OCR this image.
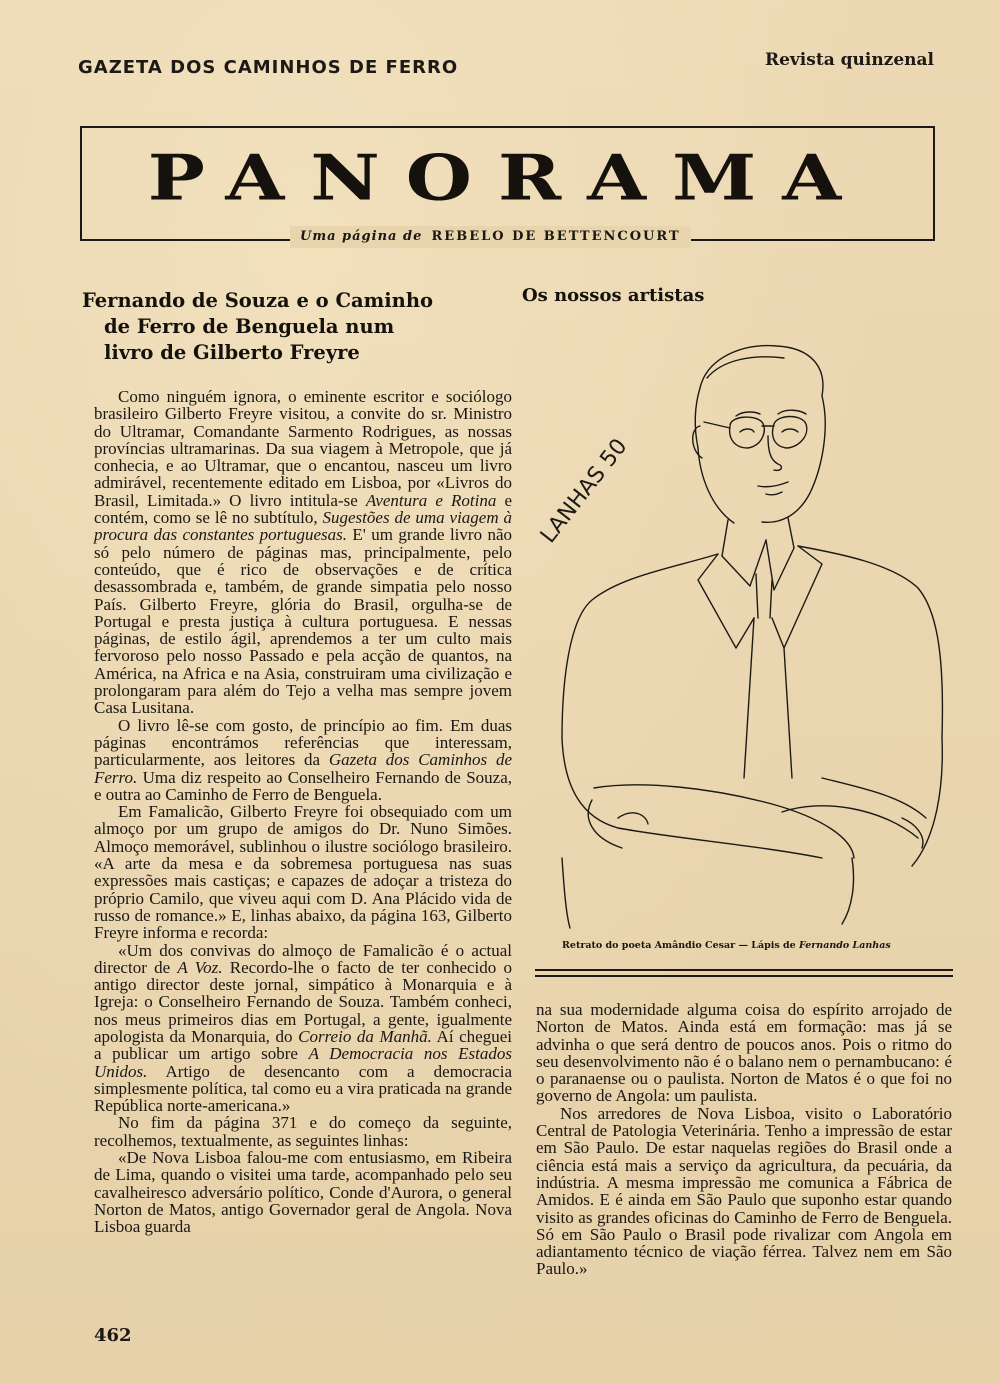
GAZETA DOS CAMINHOS DE FERRO	Revista quinzenal
PANORAMA
Uma página de REBELO DE BETTENCOURT
Fernando de Souza e o Caminho
de Ferro de Benguela num
livro de Gilberto Freyre

Como ninguém ignora, o eminente escritor e sociólogo brasileiro Gilberto Freyre visitou, a convite do sr. Ministro do Ultramar, Comandante Sarmento Rodrigues, as nossas províncias ultramarinas. Da sua viagem à Metropole, que já conhecia, e ao Ultramar, que o encantou, nasceu um livro admirável, recentemente editado em Lisboa, por «Livros do Brasil, Limitada.» O livro intitula-se Aventura e Rotina e contém, como se lê no subtítulo, Sugestões de uma viagem à procura das constantes portuguesas. E' um grande livro não só pelo número de páginas mas, principalmente, pelo conteúdo, que é rico de observações e de crítica desassombrada e, também, de grande simpatia pelo nosso País. Gilberto Freyre, glória do Brasil, orgulha-se de Portugal e presta justiça à cultura portuguesa. E nessas páginas, de estilo ágil, aprendemos a ter um culto mais fervoroso pelo nosso Passado e pela acção de quantos, na América, na Africa e na Asia, construiram uma civilização e prolongaram para além do Tejo a velha mas sempre jovem Casa Lusitana.

O livro lê-se com gosto, de princípio ao fim. Em duas páginas encontrámos referências que interessam, particularmente, aos leitores da Gazeta dos Caminhos de Ferro. Uma diz respeito ao Conselheiro Fernando de Souza, e outra ao Caminho de Ferro de Benguela.

Em Famalicão, Gilberto Freyre foi obsequiado com um almoço por um grupo de amigos do Dr. Nuno Simões. Almoço memorável, sublinhou o ilustre sociólogo brasileiro. «A arte da mesa e da sobremesa portuguesa nas suas expressões mais castiças; e capazes de adoçar a tristeza do próprio Camilo, que viveu aqui com D. Ana Plácido vida de russo de romance.» E, linhas abaixo, da página 163, Gilberto Freyre informa e recorda:

«Um dos convivas do almoço de Famalicão é o actual director de A Voz. Recordo-lhe o facto de ter conhecido o antigo director deste jornal, simpático à Monarquia e à Igreja: o Conselheiro Fernando de Souza. Também conheci, nos meus primeiros dias em Portugal, a gente, igualmente apologista da Monarquia, do Correio da Manhã. Aí cheguei a publicar um artigo sobre A Democracia nos Estados Unidos. Artigo de desencanto com a democracia simplesmente política, tal como eu a vira praticada na grande República norte-americana.»

No fim da página 371 e do começo da seguinte, recolhemos, textualmente, as seguintes linhas:

«De Nova Lisboa falou-me com entusiasmo, em Ribeira de Lima, quando o visitei uma tarde, acompanhado pelo seu cavalheiresco adversário político, Conde d'Aurora, o general Norton de Matos, antigo Governador geral de Angola. Nova Lisboa guarda

Os nossos artistas
LANHAS 50
Retrato do poeta Amândio Cesar — Lápis de Fernando Lanhas

na sua modernidade alguma coisa do espírito arrojado de Norton de Matos. Ainda está em formação: mas já se advinha o que será dentro de poucos anos. Pois o ritmo do seu desenvolvimento não é o balano nem o pernambucano: é o paranaense ou o paulista. Norton de Matos é o que foi no governo de Angola: um paulista.

Nos arredores de Nova Lisboa, visito o Laboratório Central de Patologia Veterinária. Tenho a impressão de estar em São Paulo. De estar naquelas regiões do Brasil onde a ciência está mais a serviço da agricultura, da pecuária, da indústria. A mesma impressão me comunica a Fábrica de Amidos. E é ainda em São Paulo que suponho estar quando visito as grandes oficinas do Caminho de Ferro de Benguela. Só em São Paulo o Brasil pode rivalizar com Angola em adiantamento técnico de viação férrea. Talvez nem em São Paulo.»

462
